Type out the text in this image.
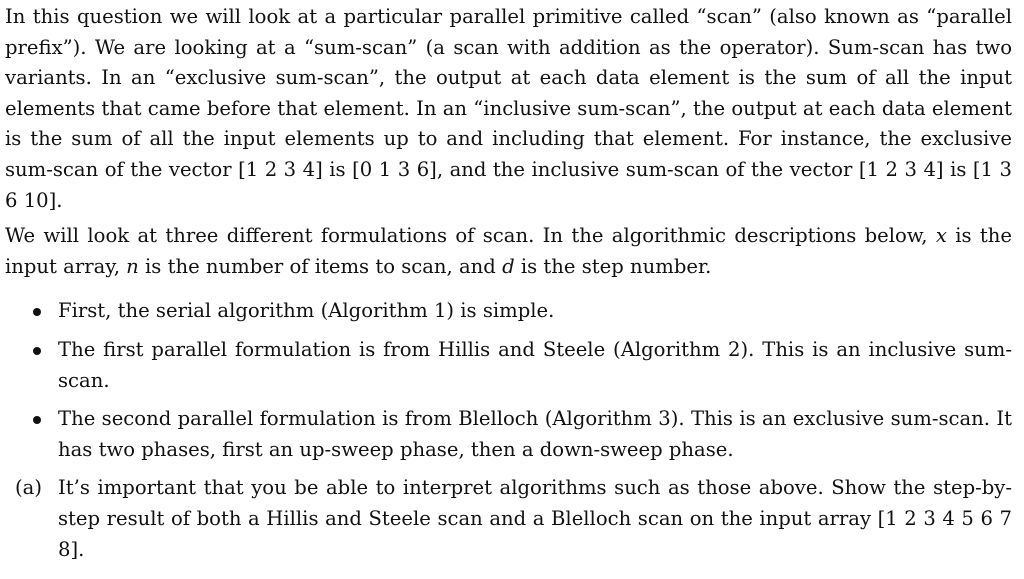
In this question we will look at a particular parallel primitive called “scan” (also known as “parallel prefix”). We are looking at a “sum-scan” (a scan with addition as the operator). Sum-scan has two variants. In an “exclusive sum-scan”, the output at each data element is the sum of all the input elements that came before that element. In an “inclusive sum-scan”, the output at each data element is the sum of all the input elements up to and including that element. For instance, the exclusive sum-scan of the vector [1 2 3 4] is [0 1 3 6], and the inclusive sum-scan of the vector [1 2 3 4] is [1 3 6 10].

We will look at three different formulations of scan. In the algorithmic descriptions below, x is the input array, n is the number of items to scan, and d is the step number.

First, the serial algorithm (Algorithm 1) is simple.
The first parallel formulation is from Hillis and Steele (Algorithm 2). This is an inclusive sum-scan.
The second parallel formulation is from Blelloch (Algorithm 3). This is an exclusive sum-scan. It has two phases, first an up-sweep phase, then a down-sweep phase.
(a) It’s important that you be able to interpret algorithms such as those above. Show the step-by-step result of both a Hillis and Steele scan and a Blelloch scan on the input array [1 2 3 4 5 6 7 8].
